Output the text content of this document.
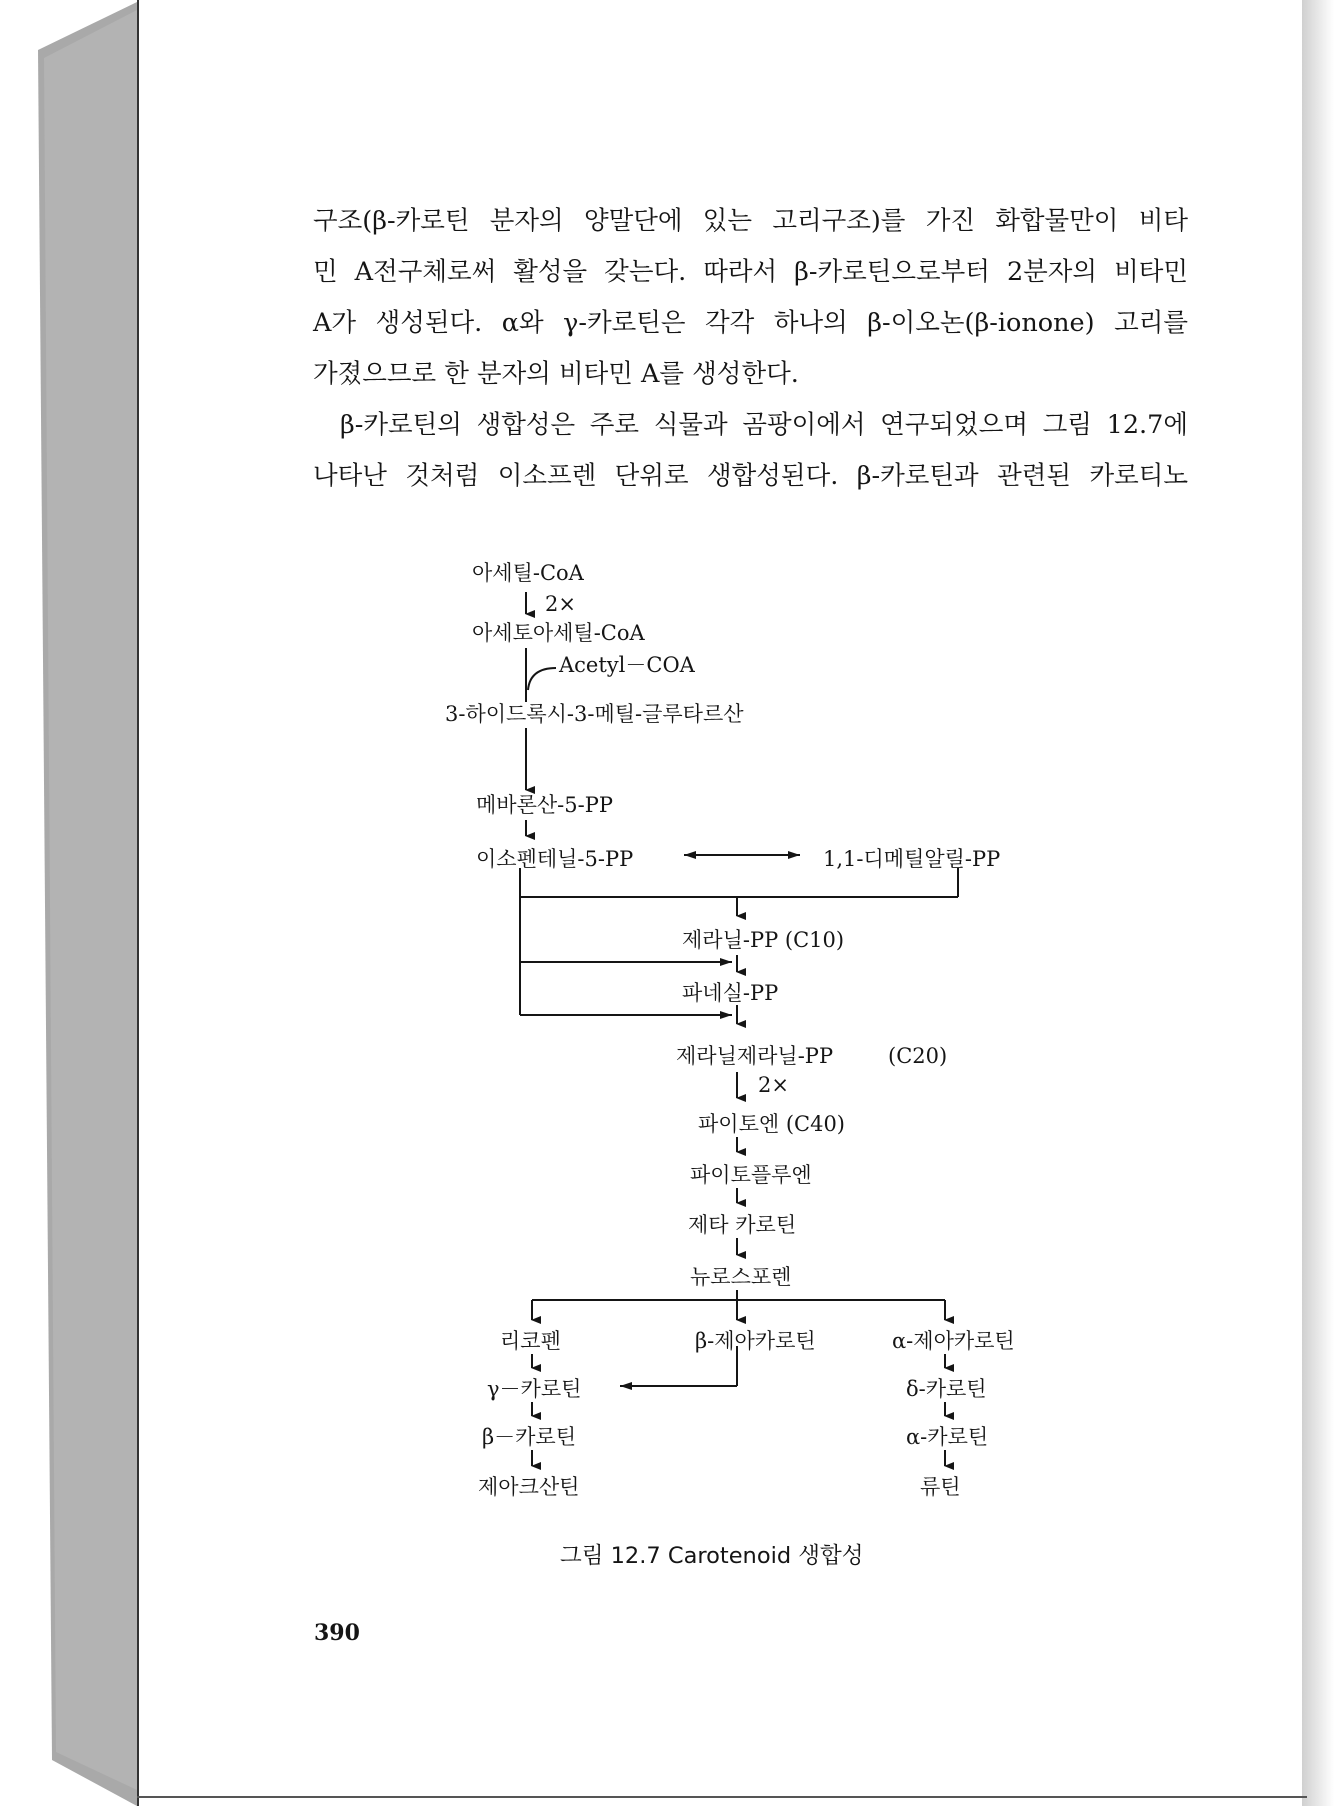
구조(β-카로틴 분자의 양말단에 있는 고리구조)를 가진 화합물만이 비타
민 A전구체로써 활성을 갖는다. 따라서 β-카로틴으로부터 2분자의 비타민
A가 생성된다. α와 γ-카로틴은 각각 하나의 β-이오논(β-ionone) 고리를
가졌으므로 한 분자의 비타민 A를 생성한다.
β-카로틴의 생합성은 주로 식물과 곰팡이에서 연구되었으며 그림 12.7에
나타난 것처럼 이소프렌 단위로 생합성된다. β-카로틴과 관련된 카로티노
아세틸-CoA
2×
아세토아세틸-CoA
Acetyl－COA
3-하이드록시-3-메틸-글루타르산
메바론산-5-PP
이소펜테닐-5-PP	1,1-디메틸알릴-PP
제라닐-PP (C10)
파네실-PP
제라닐제라닐-PP	(C20)
2×
파이토엔 (C40)
파이토플루엔
제타 카로틴
뉴로스포렌
리코펜	β-제아카로틴	α-제아카로틴
γ－카로틴	δ-카로틴
β－카로틴	α-카로틴
제아크산틴	류틴
그림 12.7 Carotenoid 생합성
390
